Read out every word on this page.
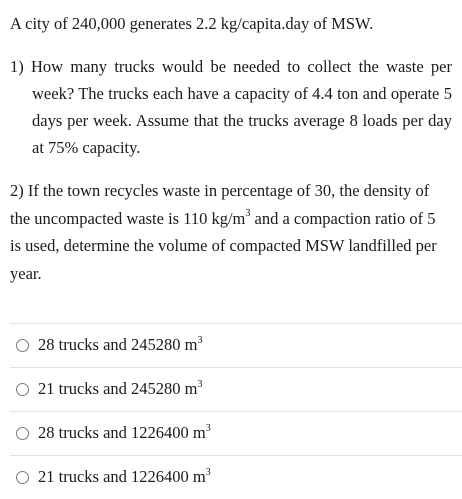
A city of 240,000 generates 2.2 kg/capita.day of MSW.
1) How many trucks would be needed to collect the waste per week? The trucks each have a capacity of 4.4 ton and operate 5 days per week. Assume that the trucks average 8 loads per day at 75% capacity.
2) If the town recycles waste in percentage of 30, the density of the uncompacted waste is 110 $kg/m^3$ and a compaction ratio of 5 is used, determine the volume of compacted MSW landfilled per year.
28 trucks and 245280 $m^3$
21 trucks and 245280 $m^3$
28 trucks and 1226400 $m^3$
21 trucks and 1226400 $m^3$
